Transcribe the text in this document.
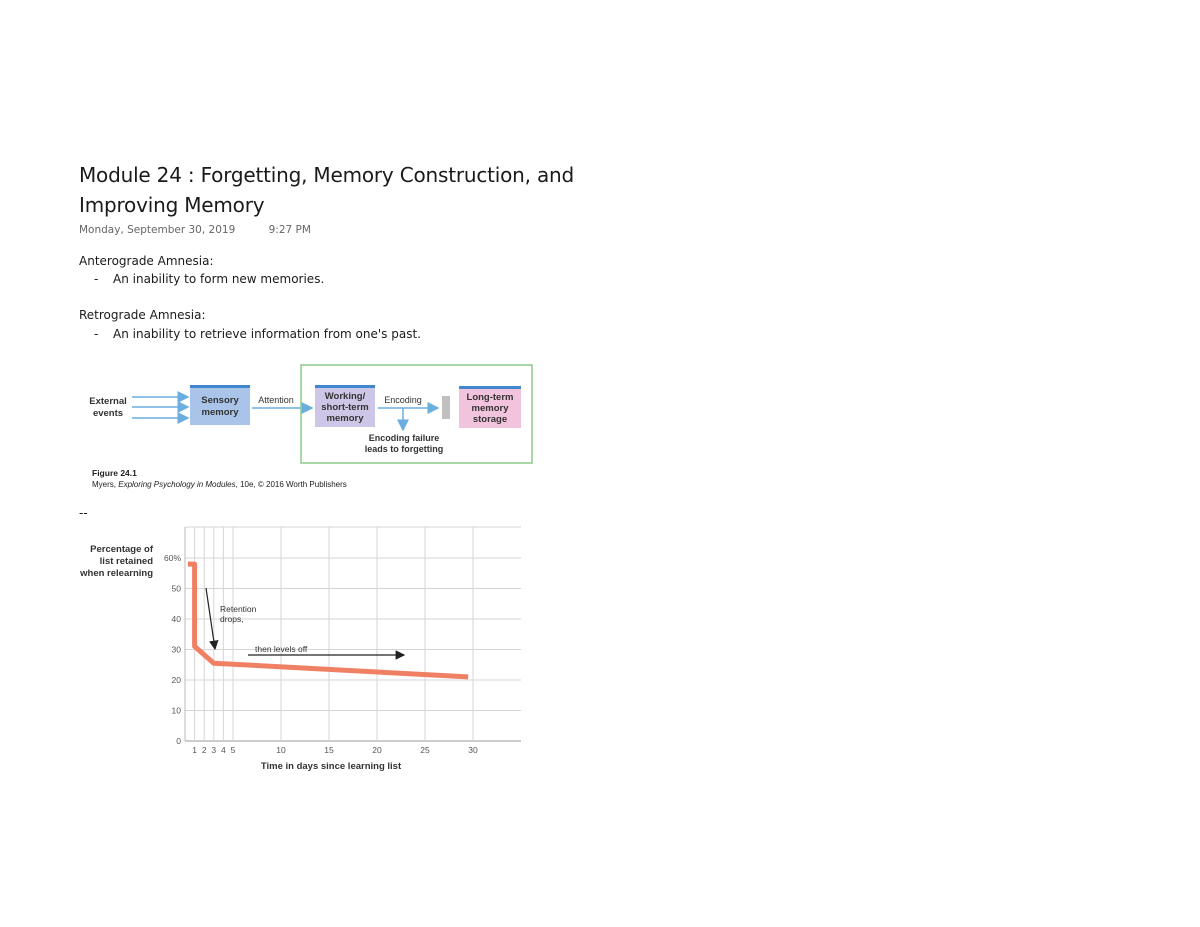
Module 24 : Forgetting, Memory Construction, and Improving Memory
Monday, September 30, 2019	9:27 PM
Anterograde Amnesia:
- An inability to form new memories.
Retrograde Amnesia:
- An inability to retrieve information from one's past.
External
events
Sensory
memory
Attention	Working/
short-term
memory
Encoding
Encoding failure
leads to forgetting
Long-term
memory
storage
Figure 24.1
Myers, Exploring Psychology in Modules, 10e, © 2016 Worth Publishers
--
0
10
20
30
40
50
60%
1 2 3 4 5	10	15	20	25	30
Percentage of
list retained
when relearning
Time in days since learning list
Retention
drops,
then levels off
